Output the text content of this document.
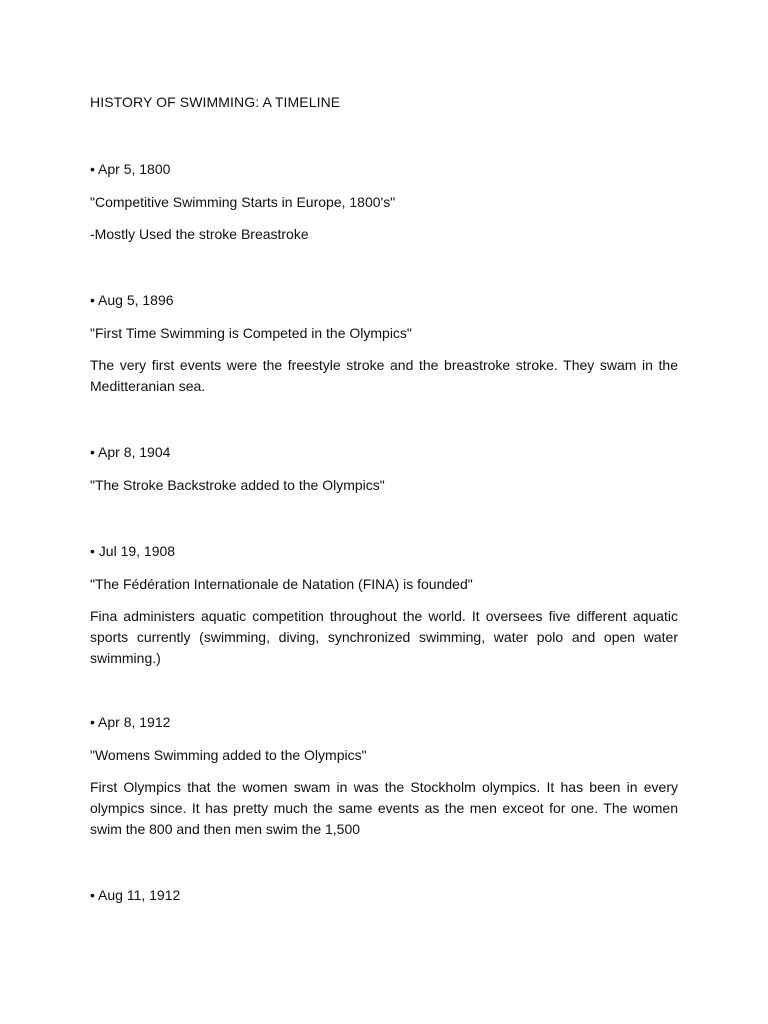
HISTORY OF SWIMMING: A TIMELINE

• Apr 5, 1800

"Competitive Swimming Starts in Europe, 1800's"

-Mostly Used the stroke Breastroke

• Aug 5, 1896

"First Time Swimming is Competed in the Olympics"

The very first events were the freestyle stroke and the breastroke stroke. They swam in the Meditteranian sea.

• Apr 8, 1904

"The Stroke Backstroke added to the Olympics"

• Jul 19, 1908

"The Fédération Internationale de Natation (FINA) is founded"

Fina administers aquatic competition throughout the world. It oversees five different aquatic sports currently (swimming, diving, synchronized swimming, water polo and open water swimming.)

• Apr 8, 1912

"Womens Swimming added to the Olympics"

First Olympics that the women swam in was the Stockholm olympics. It has been in every olympics since. It has pretty much the same events as the men exceot for one. The women swim the 800 and then men swim the 1,500

• Aug 11, 1912
